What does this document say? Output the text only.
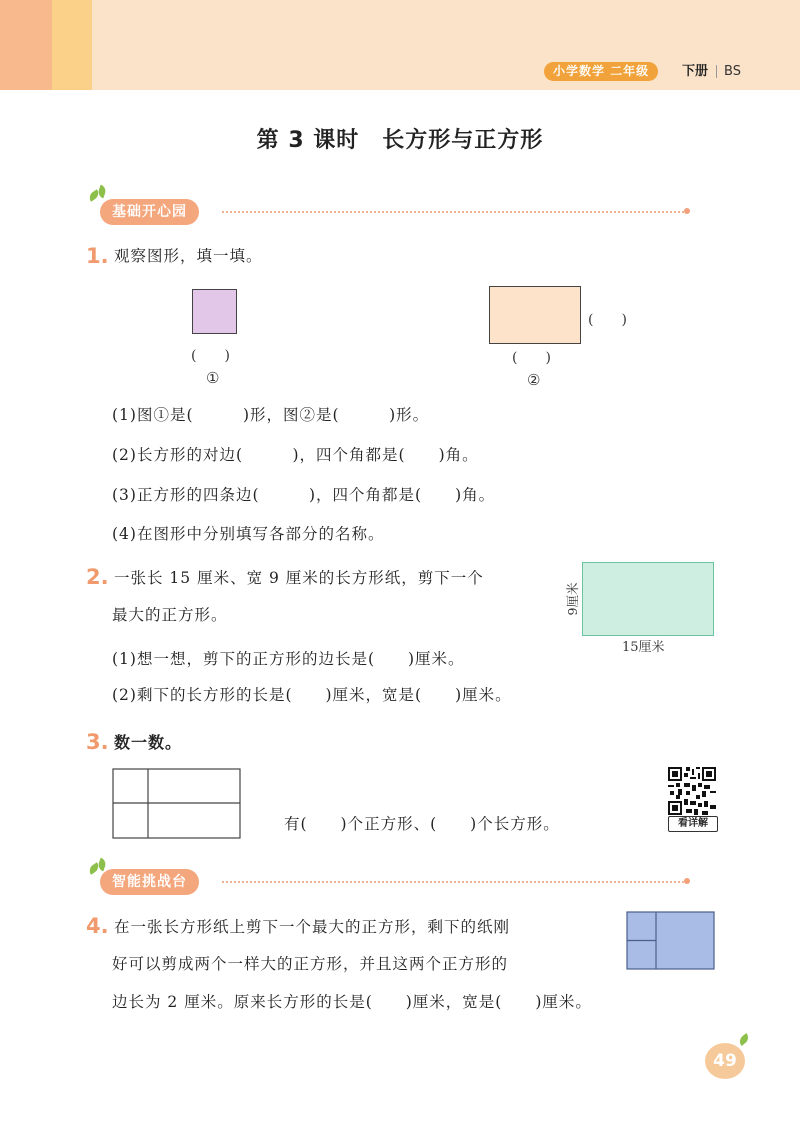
小学数学 二年级	下册 BS
第 3 课时　长方形与正方形
基础开心园
1. 观察图形，填一填。
(　　)
①
(　　)
(　　)
②
(1)图①是(　　　)形，图②是(　　　)形。
(2)长方形的对边(　　　)，四个角都是(　　)角。
(3)正方形的四条边(　　　)，四个角都是(　　)角。
(4)在图形中分别填写各部分的名称。
2. 一张长 15 厘米、宽 9 厘米的长方形纸，剪下一个
最大的正方形。
(1)想一想，剪下的正方形的边长是(　　)厘米。
(2)剩下的长方形的长是(　　)厘米，宽是(　　)厘米。
9厘米
15厘米
3. 数一数。
有(　　)个正方形、(　　)个长方形。	看详解
智能挑战台
4. 在一张长方形纸上剪下一个最大的正方形，剩下的纸刚
好可以剪成两个一样大的正方形，并且这两个正方形的
边长为 2 厘米。原来长方形的长是(　　)厘米，宽是(　　)厘米。
49
